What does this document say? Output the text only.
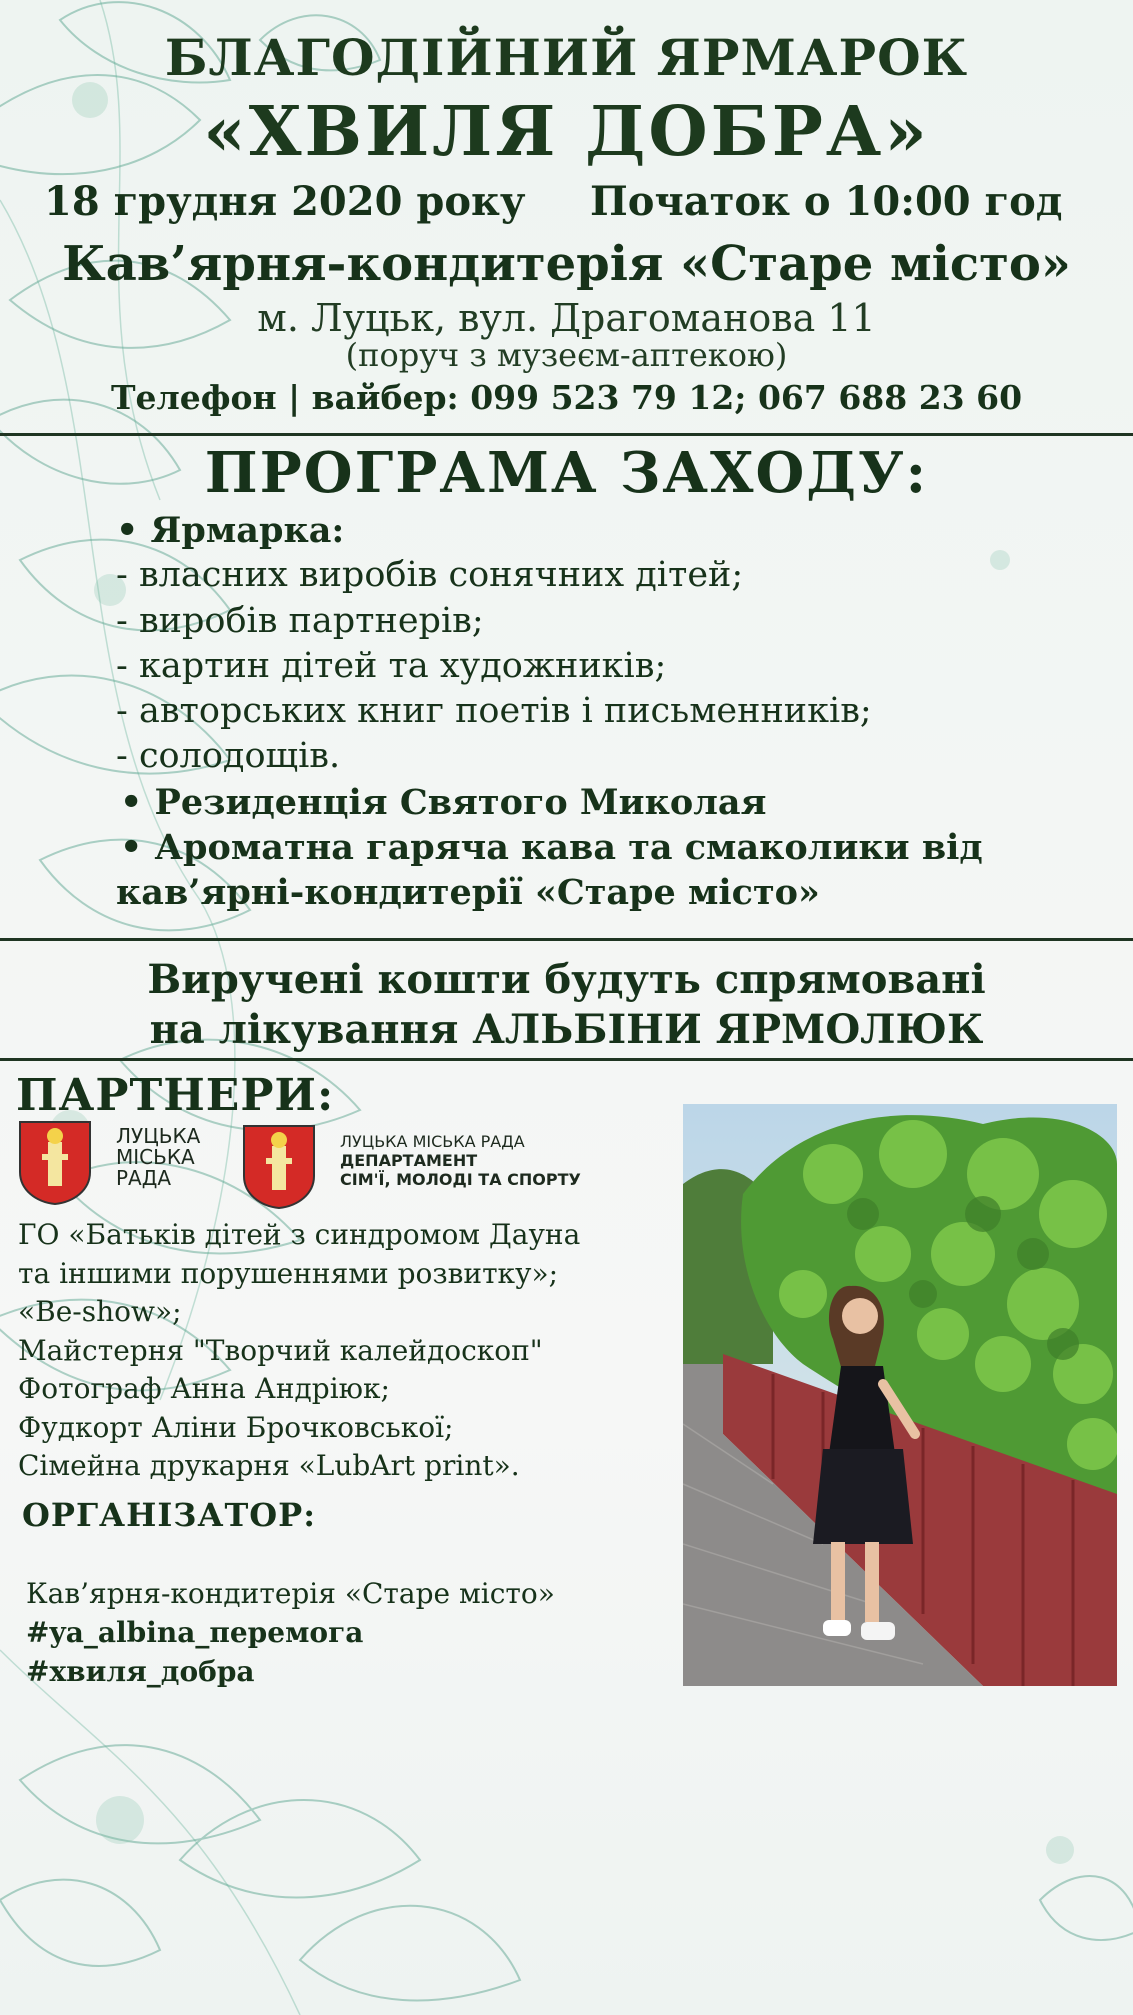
БЛАГОДІЙНИЙ ЯРМАРОК
«ХВИЛЯ ДОБРА»
18 грудня 2020 року Початок о 10:00 год
Кав’ярня-кондитерія «Старе місто»
м. Луцьк, вул. Драгоманова 11
(поруч з музеєм-аптекою)
Телефон | вайбер: 099 523 79 12; 067 688 23 60
ПРОГРАМА ЗАХОДУ:
• Ярмарка:
- власних виробів сонячних дітей;
- виробів партнерів;
- картин дітей та художників;
- авторських книг поетів і письменників;
- солодощів.
• Резиденція Святого Миколая
• Ароматна гаряча кава та смаколики від
кав’ярні-кондитерії «Старе місто»
Виручені кошти будуть спрямовані
на лікування АЛЬБІНИ ЯРМОЛЮК
ПАРТНЕРИ:
ЛУЦЬКА
МІСЬКА
РАДА
ЛУЦЬКА МІСЬКА РАДА
ДЕПАРТАМЕНТ
СІМ'Ї, МОЛОДІ ТА СПОРТУ
ГО «Батьків дітей з синдромом Дауна
та іншими порушеннями розвитку»;
«Be-show»;
Майстерня "Творчий калейдоскоп"
Фотограф Анна Андріюк;
Фудкорт Аліни Брочковської;
Сімейна друкарня «LubArt print».
ОРГАНІЗАТОР:
Кав’ярня-кондитерія «Старе місто»
#ya_albina_перемога
#хвиля_добра
